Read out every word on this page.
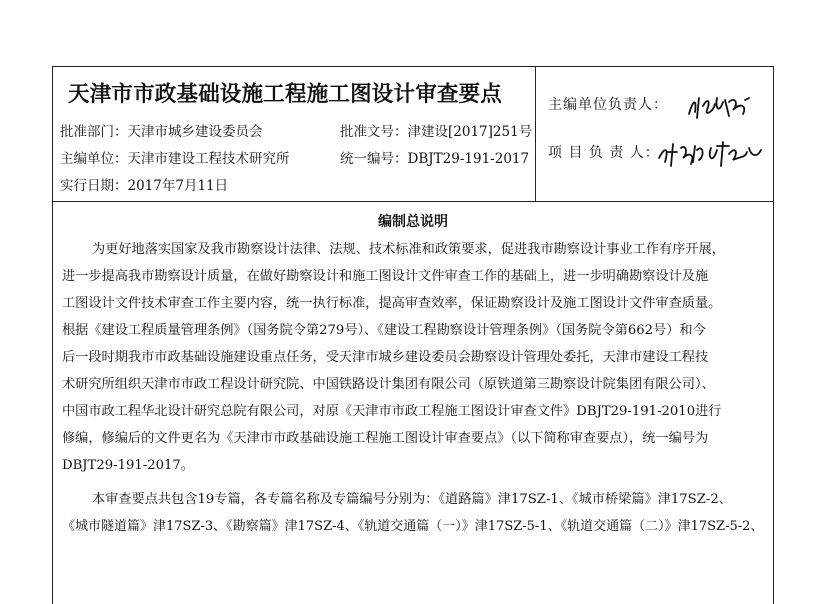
天津市市政基础设施工程施工图设计审查要点
批准部门：天津市城乡建设委员会	批准文号：津建设[2017]251号
主编单位：天津市建设工程技术研究所	统一编号：DBJT29-191-2017
实行日期：2017年7月11日
主编单位负责人：
项 目 负 责 人：
编制总说明
为更好地落实国家及我市勘察设计法律、法规、技术标准和政策要求，促进我市勘察设计事业工作有序开展，
进一步提高我市勘察设计质量，在做好勘察设计和施工图设计文件审查工作的基础上，进一步明确勘察设计及施
工图设计文件技术审查工作主要内容，统一执行标准，提高审查效率，保证勘察设计及施工图设计文件审查质量。
根据《建设工程质量管理条例》（国务院令第279号）、《建设工程勘察设计管理条例》（国务院令第662号）和今
后一段时期我市市政基础设施建设重点任务，受天津市城乡建设委员会勘察设计管理处委托，天津市建设工程技
术研究所组织天津市市政工程设计研究院、中国铁路设计集团有限公司（原铁道第三勘察设计院集团有限公司）、
中国市政工程华北设计研究总院有限公司，对原《天津市市政工程施工图设计审查文件》DBJT29-191-2010进行
修编，修编后的文件更名为《天津市市政基础设施工程施工图设计审查要点》（以下简称审查要点），统一编号为
DBJT29-191-2017。
本审查要点共包含19专篇，各专篇名称及专篇编号分别为：《道路篇》津17SZ-1、《城市桥梁篇》津17SZ-2、
《城市隧道篇》津17SZ-3、《勘察篇》津17SZ-4、《轨道交通篇（一）》津17SZ-5-1、《轨道交通篇（二）》津17SZ-5-2、
